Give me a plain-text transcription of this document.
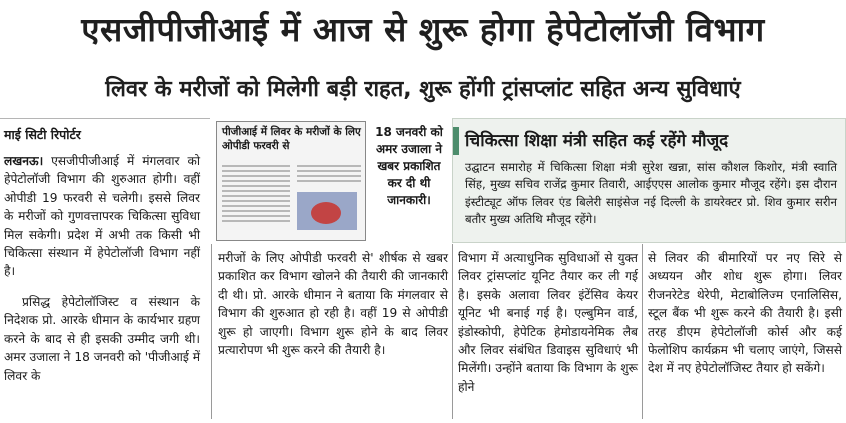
एसजीपीजीआई में आज से शुरू होगा हेपेटोलॉजी विभाग
लिवर के मरीजों को मिलेगी बड़ी राहत, शुरू होंगी ट्रांसप्लांट सहित अन्य सुविधाएं
माई सिटी रिपोर्टर

लखनऊ। एसजीपीजीआई में मंगलवार को हेपेटोलॉजी विभाग की शुरुआत होगी। वहीं ओपीडी 19 फरवरी से चलेगी। इससे लिवर के मरीजों को गुणवत्तापरक चिकित्सा सुविधा मिल सकेगी। प्रदेश में अभी तक किसी भी चिकित्सा संस्थान में हेपेटोलॉजी विभाग नहीं है।

प्रसिद्ध हेपेटोलॉजिस्ट व संस्थान के निदेशक प्रो. आरके धीमान के कार्यभार ग्रहण करने के बाद से ही इसकी उम्मीद जगी थी। अमर उजाला ने 18 जनवरी को 'पीजीआई में लिवर के

पीजीआई में लिवर के मरीजों के लिए ओपीडी फरवरी से
18 जनवरी को अमर उजाला ने खबर प्रकाशित कर दी थी जानकारी।
चिकित्सा शिक्षा मंत्री सहित कई रहेंगे मौजूद
उद्घाटन समारोह में चिकित्सा शिक्षा मंत्री सुरेश खन्ना, सांस कौशल किशोर, मंत्री स्वाति सिंह, मुख्य सचिव राजेंद्र कुमार तिवारी, आईएएस आलोक कुमार मौजूद रहेंगे। इस दौरान इंस्टीट्यूट ऑफ लिवर एंड बिलेरी साइंसेज नई दिल्ली के डायरेक्टर प्रो. शिव कुमार सरीन बतौर मुख्य अतिथि मौजूद रहेंगे।

मरीजों के लिए ओपीडी फरवरी से' शीर्षक से खबर प्रकाशित कर विभाग खोलने की तैयारी की जानकारी दी थी। प्रो. आरके धीमान ने बताया कि मंगलवार से विभाग की शुरुआत हो रही है। वहीं 19 से ओपीडी शुरू हो जाएगी। विभाग शुरू होने के बाद लिवर प्रत्यारोपण भी शुरू करने की तैयारी है।

विभाग में अत्याधुनिक सुविधाओं से युक्त लिवर ट्रांसप्लांट यूनिट तैयार कर ली गई है। इसके अलावा लिवर इंटेंसिव केयर यूनिट भी बनाई गई है। एल्बुमिन वार्ड, इंडोस्कोपी, हेपेटिक हेमोडायनेमिक लैब और लिवर संबंधित डिवाइस सुविधाएं भी मिलेंगी। उन्होंने बताया कि विभाग के शुरू होने

से लिवर की बीमारियों पर नए सिरे से अध्ययन और शोध शुरू होगा। लिवर रीजनरेटेड थेरेपी, मेटाबोलिज्म एनालिसिस, स्टूल बैंक भी शुरू करने की तैयारी है। इसी तरह डीएम हेपेटोलॉजी कोर्स और कई फेलोशिप कार्यक्रम भी चलाए जाएंगे, जिससे देश में नए हेपेटोलॉजिस्ट तैयार हो सकेंगे।
